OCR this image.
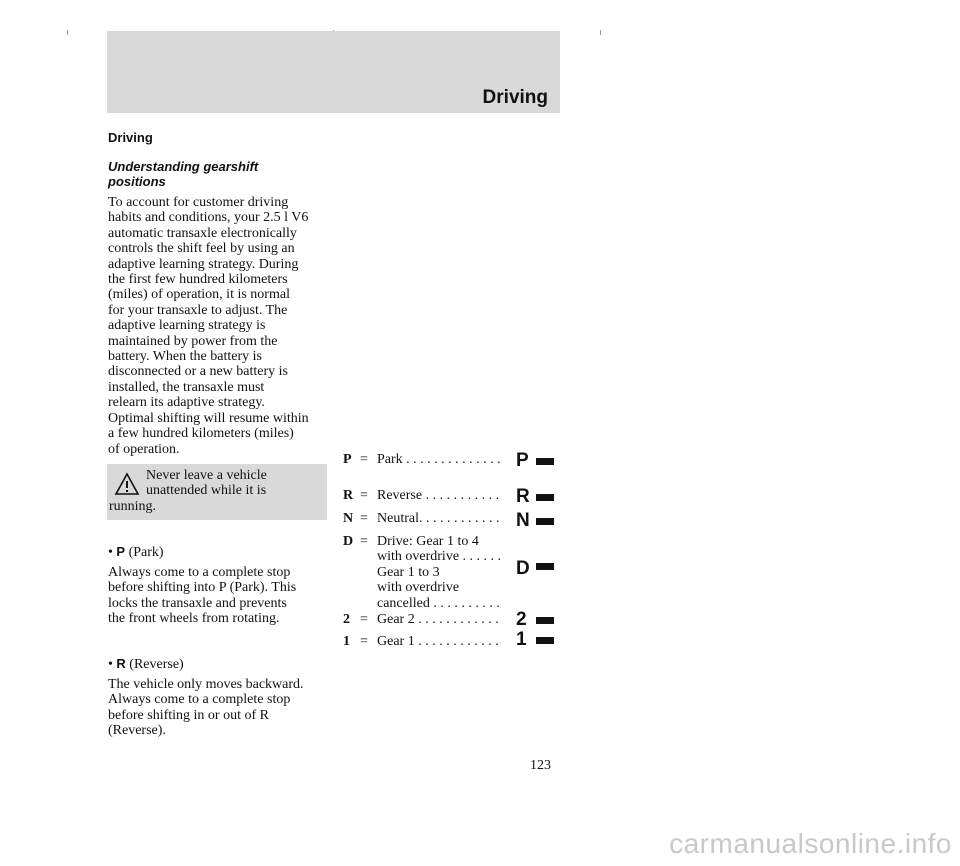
Driving
Driving
Understanding gearshift
positions
To account for customer driving
habits and conditions, your 2.5 l V6
automatic transaxle electronically
controls the shift feel by using an
adaptive learning strategy. During
the first few hundred kilometers
(miles) of operation, it is normal
for your transaxle to adjust. The
adaptive learning strategy is
maintained by power from the
battery. When the battery is
disconnected or a new battery is
installed, the transaxle must
relearn its adaptive strategy.
Optimal shifting will resume within
a few hundred kilometers (miles)
of operation.
Never leave a vehicle
unattended while it is
running.
• P (Park)
Always come to a complete stop
before shifting into P (Park). This
locks the transaxle and prevents
the front wheels from rotating.
• R (Reverse)
The vehicle only moves backward.
Always come to a complete stop
before shifting in or out of R
(Reverse).
P = Park . . . . . . . . . . . . . . P
R = Reverse . . . . . . . . . . . R
N = Neutral. . . . . . . . . . . . N
D = Drive: Gear 1 to 4
with overdrive . . . . . .
Gear 1 to 3
with overdrive
cancelled . . . . . . . . . .
D
2 = Gear 2 . . . . . . . . . . . . 2
1 = Gear 1 . . . . . . . . . . . . 1
123
carmanualsonline.info
